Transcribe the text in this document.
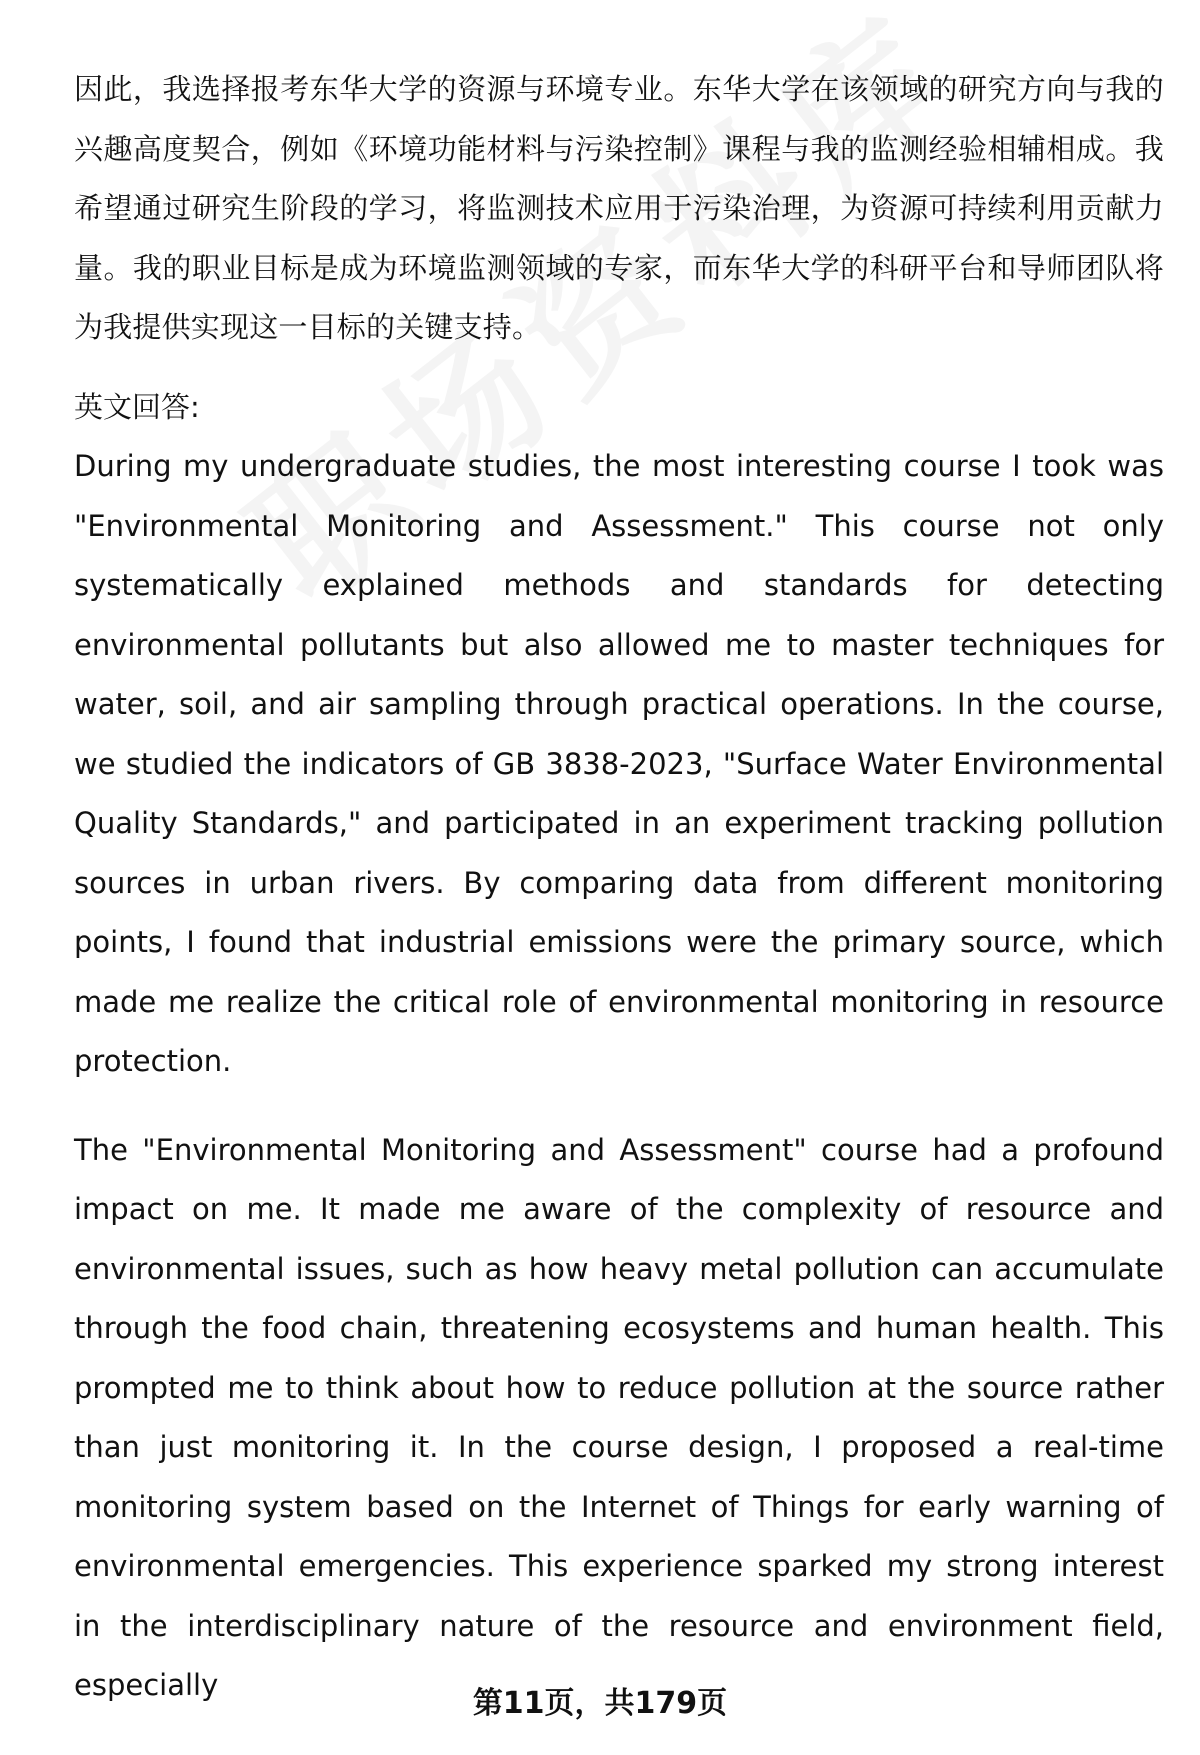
因此，我选择报考东华大学的资源与环境专业。东华大学在该领域的研究方向与我的兴趣高度契合，例如《环境功能材料与污染控制》课程与我的监测经验相辅相成。我希望通过研究生阶段的学习，将监测技术应用于污染治理，为资源可持续利用贡献力量。我的职业目标是成为环境监测领域的专家，而东华大学的科研平台和导师团队将为我提供实现这一目标的关键支持。

英文回答:

During my undergraduate studies, the most interesting course I took was "Environmental Monitoring and Assessment." This course not only systematically explained methods and standards for detecting environmental pollutants but also allowed me to master techniques for water, soil, and air sampling through practical operations. In the course, we studied the indicators of GB 3838-2023, "Surface Water Environmental Quality Standards," and participated in an experiment tracking pollution sources in urban rivers. By comparing data from different monitoring points, I found that industrial emissions were the primary source, which made me realize the critical role of environmental monitoring in resource protection.

The "Environmental Monitoring and Assessment" course had a profound impact on me. It made me aware of the complexity of resource and environmental issues, such as how heavy metal pollution can accumulate through the food chain, threatening ecosystems and human health. This prompted me to think about how to reduce pollution at the source rather than just monitoring it. In the course design, I proposed a real-time monitoring system based on the Internet of Things for early warning of environmental emergencies. This experience sparked my strong interest in the interdisciplinary nature of the resource and environment field, especially

第11页，共179页
